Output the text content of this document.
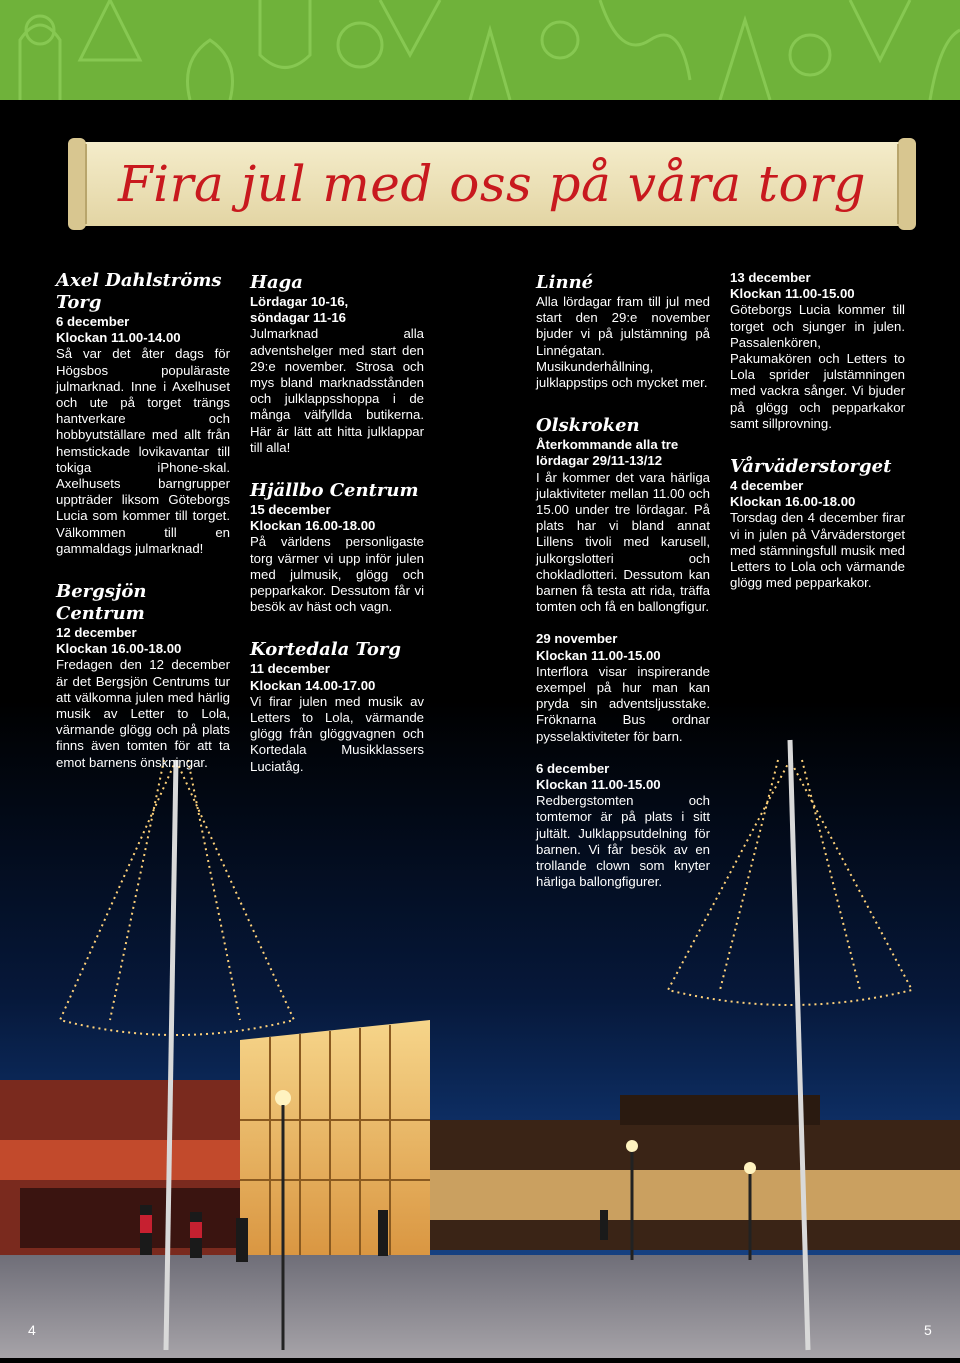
Fira jul med oss på våra torg
Axel Dahlströms Torg
6 december
Klockan 11.00-14.00

Så var det åter dags för Högsbos populäraste julmarknad. Inne i Axelhuset och ute på torget trängs hantverkare och hobbyutställare med allt från hemstickade lovikavantar till tokiga iPhone-skal. Axelhusets barngrupper uppträder liksom Göteborgs Lucia som kommer till torget. Välkommen till en gammaldags julmarknad!

Bergsjön Centrum
12 december
Klockan 16.00-18.00

Fredagen den 12 december är det Bergsjön Centrums tur att välkomna julen med härlig musik av Letter to Lola, värmande glögg och på plats finns även tomten för att ta emot barnens önskningar.

Haga
Lördagar 10-16,
söndagar 11-16

Julmarknad alla adventshelger med start den 29:e november. Strosa och mys bland marknadsstånden och julklappsshoppa i de många välfyllda butikerna. Här är lätt att hitta julklappar till alla!

Hjällbo Centrum
15 december
Klockan 16.00-18.00

På världens personligaste torg värmer vi upp inför julen med julmusik, glögg och pepparkakor. Dessutom får vi besök av häst och vagn.

Kortedala Torg
11 december
Klockan 14.00-17.00

Vi firar julen med musik av Letters to Lola, värmande glögg från glöggvagnen och Kortedala Musikklassers Luciatåg.

Linné

Alla lördagar fram till jul med start den 29:e november bjuder vi på julstämning på Linnégatan. Musikunderhållning, julklappstips och mycket mer.

Olskroken
Återkommande alla tre
lördagar 29/11-13/12

I år kommer det vara härliga julaktiviteter mellan 11.00 och 15.00 under tre lördagar. På plats har vi bland annat Lillens tivoli med karusell, julkorgslotteri och chokladlotteri. Dessutom kan barnen få testa att rida, träffa tomten och få en ballongfigur.

29 november
Klockan 11.00-15.00

Interflora visar inspirerande exempel på hur man kan pryda sin adventsljusstake. Fröknarna Bus ordnar pysselaktiviteter för barn.

6 december
Klockan 11.00-15.00

Redbergstomten och tomtemor är på plats i sitt jultält. Julklappsutdelning för barnen. Vi får besök av en trollande clown som knyter härliga ballongfigurer.

13 december
Klockan 11.00-15.00

Göteborgs Lucia kommer till torget och sjunger in julen. Passalenkören, Pakumakören och Letters to Lola sprider julstämningen med vackra sånger. Vi bjuder på glögg och pepparkakor samt sillprovning.

Vårväderstorget
4 december
Klockan 16.00-18.00

Torsdag den 4 december firar vi in julen på Vårväderstorget med stämningsfull musik med Letters to Lola och värmande glögg med pepparkakor.

4	5
